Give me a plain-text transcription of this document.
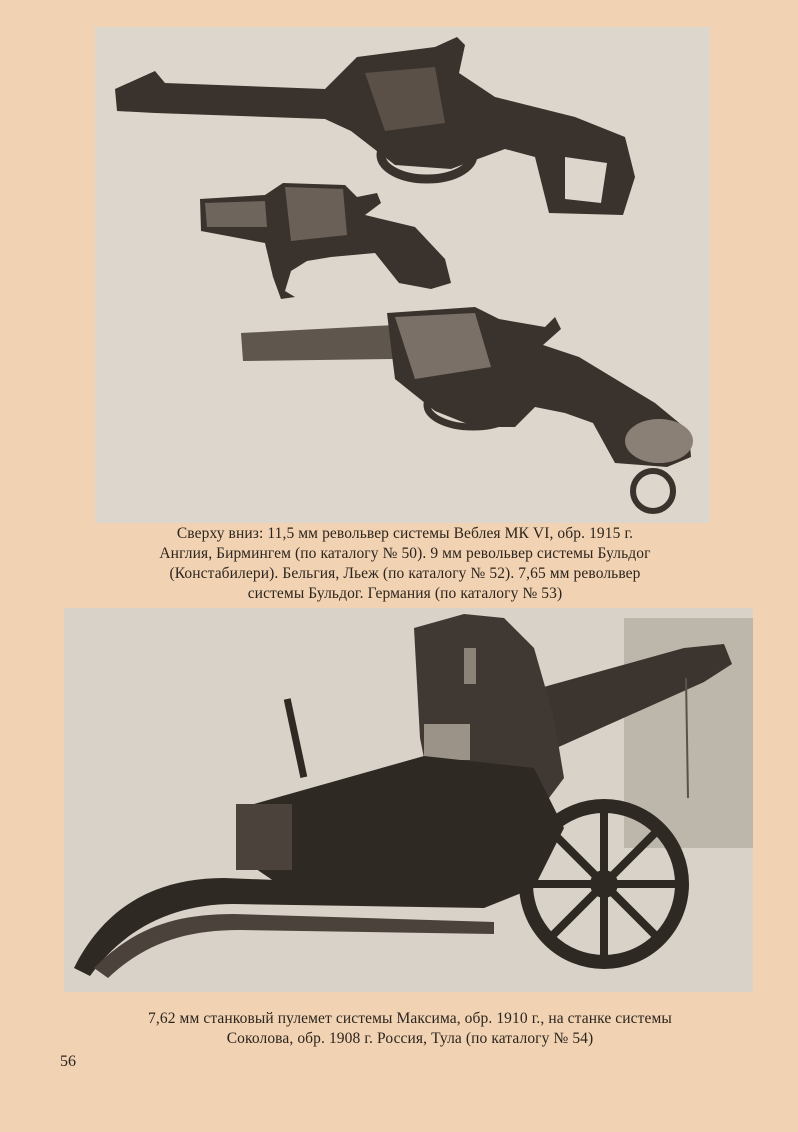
Сверху вниз: 11,5 мм револьвер системы Веблея МК VI, обр. 1915 г.
Англия, Бирмингем (по каталогу № 50). 9 мм револьвер системы Бульдог
(Констабилери). Бельгия, Льеж (по каталогу № 52). 7,65 мм револьвер
системы Бульдог. Германия (по каталогу № 53)
7,62 мм станковый пулемет системы Максима, обр. 1910 г., на станке системы
Соколова, обр. 1908 г. Россия, Тула (по каталогу № 54)
56
